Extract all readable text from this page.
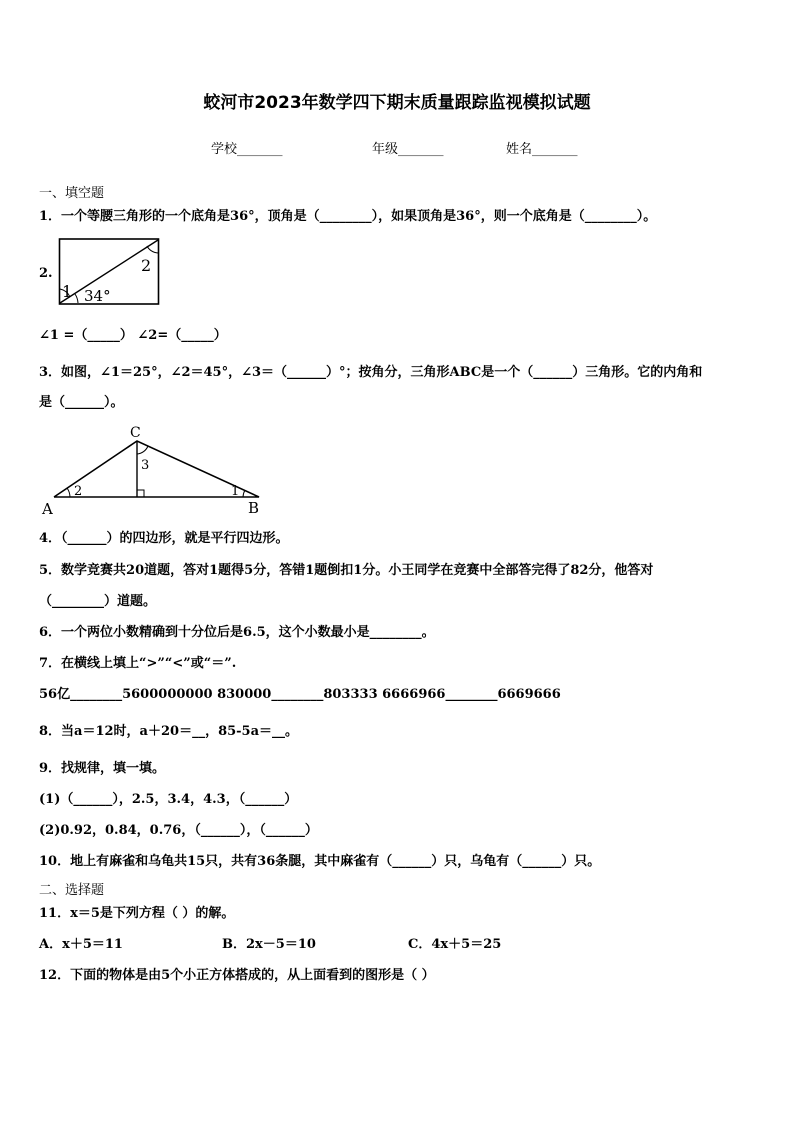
蛟河市2023年数学四下期末质量跟踪监视模拟试题
学校_______	年级_______	姓名_______
一、填空题
1．一个等腰三角形的一个底角是36°，顶角是（________），如果顶角是36°，则一个底角是（________）。
2.
1
2
34°
∠1 =（_____） ∠2=（_____）
3．如图，∠1＝25°，∠2＝45°，∠3＝（______）°；按角分，三角形ABC是一个（______）三角形。它的内角和
是（______）。
A	B
C
2
3
1
4．（______）的四边形，就是平行四边形。
5．数学竞赛共20道题，答对1题得5分，答错1题倒扣1分。小王同学在竞赛中全部答完得了82分，他答对
（________）道题。
6．一个两位小数精确到十分位后是6.5，这个小数最小是________。
7．在横线上填上“>”“<”或“＝”.
56亿________5600000000 830000________803333 6666966________6669666
8．当a＝12时，a＋20＝__，85-5a＝__。
9．找规律，填一填。
(1)（______），2.5，3.4，4.3，（______）
(2)0.92，0.84，0.76，（______），（______）
10．地上有麻雀和乌龟共15只，共有36条腿，其中麻雀有（______）只，乌龟有（______）只。
二、选择题
11．x＝5是下列方程（ ）的解。
A．x＋5＝11	B．2x－5＝10	C．4x＋5＝25
12．下面的物体是由5个小正方体搭成的，从上面看到的图形是（ ）
